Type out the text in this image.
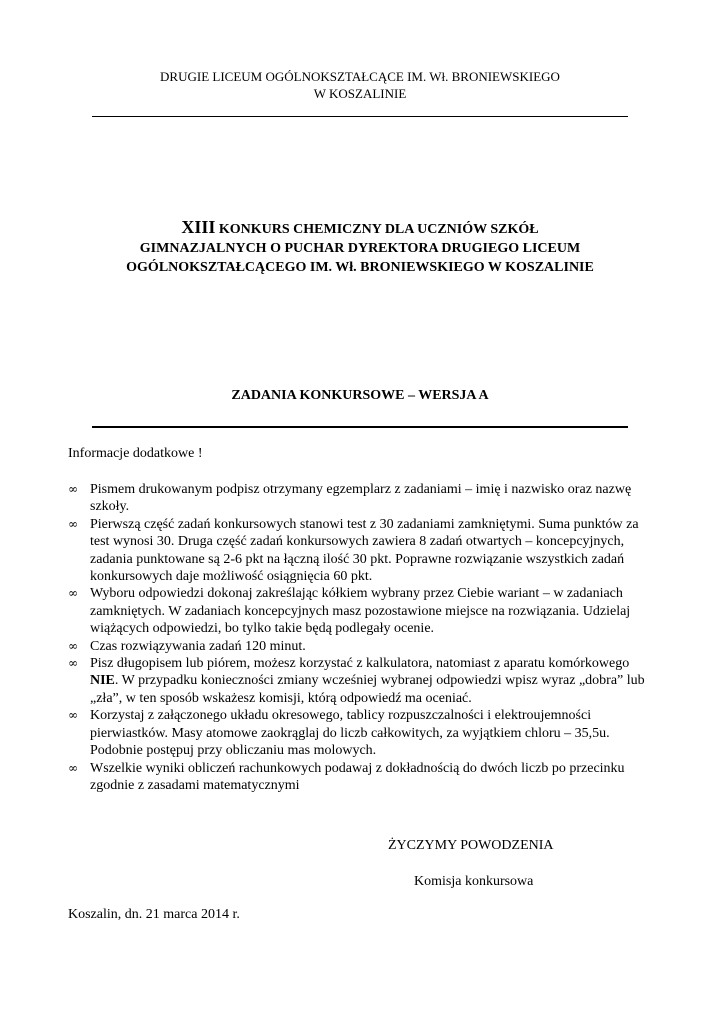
DRUGIE LICEUM OGÓLNOKSZTAŁCĄCE IM. Wł. BRONIEWSKIEGO
W KOSZALINIE
XIII KONKURS CHEMICZNY DLA UCZNIÓW SZKÓŁ
GIMNAZJALNYCH O PUCHAR DYREKTORA DRUGIEGO LICEUM
OGÓLNOKSZTAŁCĄCEGO IM. Wł. BRONIEWSKIEGO W KOSZALINIE
ZADANIA KONKURSOWE – WERSJA A
Informacje dodatkowe !
∞ Pismem drukowanym podpisz otrzymany egzemplarz z zadaniami – imię i nazwisko oraz nazwę szkoły.
∞ Pierwszą część zadań konkursowych stanowi test z 30 zadaniami zamkniętymi. Suma punktów za test wynosi 30. Druga część zadań konkursowych zawiera 8 zadań otwartych – koncepcyjnych, zadania punktowane są 2-6 pkt na łączną ilość 30 pkt. Poprawne rozwiązanie wszystkich zadań konkursowych daje możliwość osiągnięcia 60 pkt.
∞ Wyboru odpowiedzi dokonaj zakreślając kółkiem wybrany przez Ciebie wariant – w zadaniach zamkniętych. W zadaniach koncepcyjnych masz pozostawione miejsce na rozwiązania. Udzielaj wiążących odpowiedzi, bo tylko takie będą podlegały ocenie.
∞ Czas rozwiązywania zadań 120 minut.
∞ Pisz długopisem lub piórem, możesz korzystać z kalkulatora, natomiast z aparatu komórkowego NIE. W przypadku konieczności zmiany wcześniej wybranej odpowiedzi wpisz wyraz „dobra” lub „zła”, w ten sposób wskażesz komisji, którą odpowiedź ma oceniać.
∞ Korzystaj z załączonego układu okresowego, tablicy rozpuszczalności i elektroujemności pierwiastków. Masy atomowe zaokrąglaj do liczb całkowitych, za wyjątkiem chloru – 35,5u. Podobnie postępuj przy obliczaniu mas molowych.
∞ Wszelkie wyniki obliczeń rachunkowych podawaj z dokładnością do dwóch liczb po przecinku zgodnie z zasadami matematycznymi
ŻYCZYMY POWODZENIA
Komisja konkursowa
Koszalin, dn. 21 marca 2014 r.
